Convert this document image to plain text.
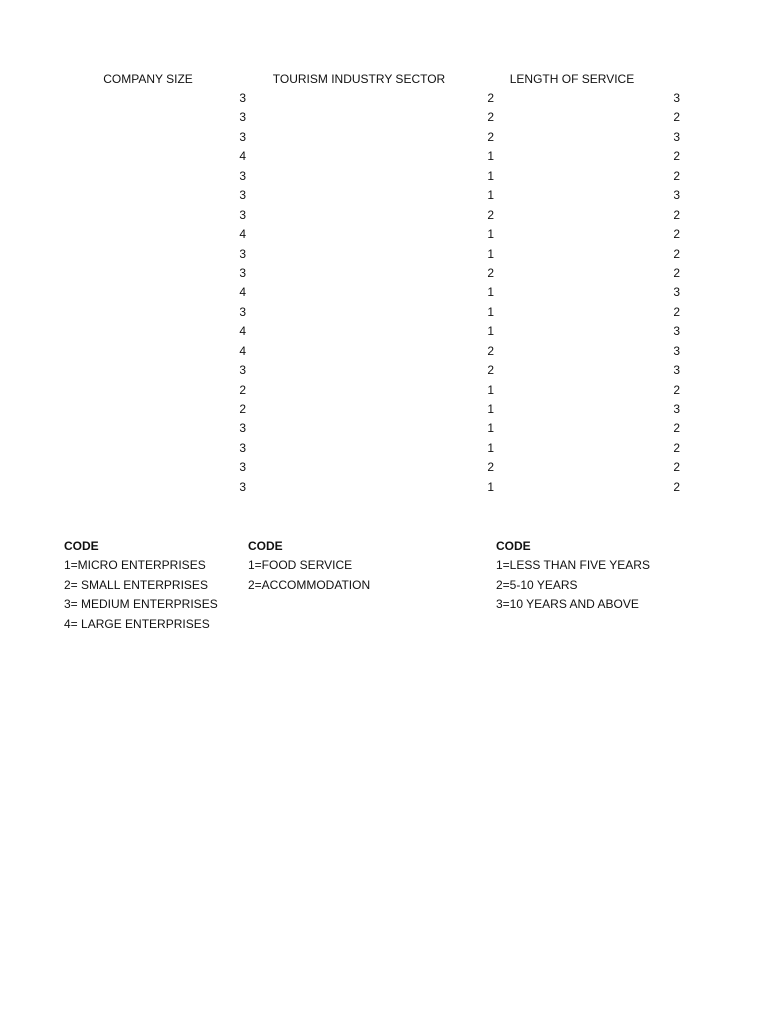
COMPANY SIZE	TOURISM INDUSTRY SECTOR	LENGTH OF SERVICE
3	2	3
3	2	2
3	2	3
4	1	2
3	1	2
3	1	3
3	2	2
4	1	2
3	1	2
3	2	2
4	1	3
3	1	2
4	1	3
4	2	3
3	2	3
2	1	2
2	1	3
3	1	2
3	1	2
3	2	2
3	1	2
CODE
1=MICRO ENTERPRISES
2= SMALL ENTERPRISES
3= MEDIUM ENTERPRISES
4= LARGE ENTERPRISES
CODE
1=FOOD SERVICE
2=ACCOMMODATION
CODE
1=LESS THAN FIVE YEARS
2=5-10 YEARS
3=10 YEARS AND ABOVE
